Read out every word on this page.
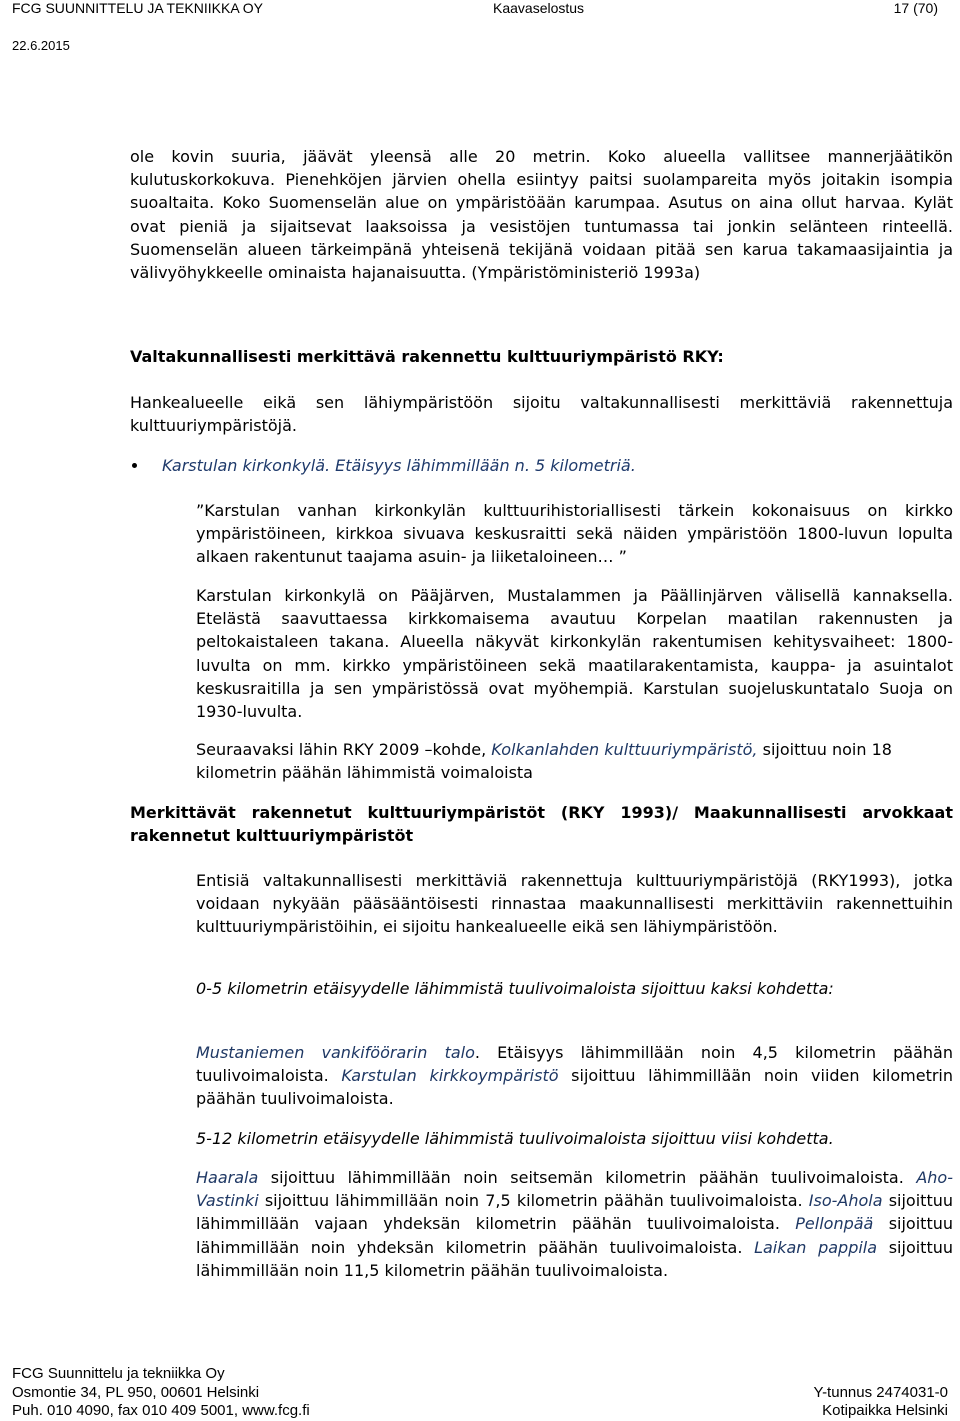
FCG SUUNNITTELU JA TEKNIIKKA OY	Kaavaselostus	17 (70)
22.6.2015

ole kovin suuria, jäävät yleensä alle 20 metrin. Koko alueella vallitsee mannerjäätikön kulutuskorkokuva. Pienehköjen järvien ohella esiintyy paitsi suolampareita myös joitakin isompia suoaltaita. Koko Suomenselän alue on ympäristöään karumpaa. Asutus on aina ollut harvaa. Kylät ovat pieniä ja sijaitsevat laaksoissa ja vesistöjen tuntumassa tai jonkin selänteen rinteellä. Suomenselän alueen tärkeimpänä yhteisenä tekijänä voidaan pitää sen karua takamaasijaintia ja välivyöhykkeelle ominaista hajanaisuutta. (Ympäristöministeriö 1993a)

Valtakunnallisesti merkittävä rakennettu kulttuuriympäristö RKY:

Hankealueelle eikä sen lähiympäristöön sijoitu valtakunnallisesti merkittäviä rakennettuja kulttuuriympäristöjä.

Karstulan kirkonkylä. Etäisyys lähimmillään n. 5 kilometriä.

”Karstulan vanhan kirkonkylän kulttuurihistoriallisesti tärkein kokonaisuus on kirkko ympäristöineen, kirkkoa sivuava keskusraitti sekä näiden ympäristöön 1800-luvun lopulta alkaen rakentunut taajama asuin- ja liiketaloineen… ”

Karstulan kirkonkylä on Pääjärven, Mustalammen ja Päällinjärven välisellä kannaksella. Etelästä saavuttaessa kirkkomaisema avautuu Korpelan maatilan rakennusten ja peltokaistaleen takana. Alueella näkyvät kirkonkylän rakentumisen kehitysvaiheet: 1800-luvulta on mm. kirkko ympäristöineen sekä maatilarakentamista, kauppa- ja asuintalot keskusraitilla ja sen ympäristössä ovat myöhempiä. Karstulan suojeluskuntatalo Suoja on 1930-luvulta.

Seuraavaksi lähin RKY 2009 –kohde, Kolkanlahden kulttuuriympäristö, sijoittuu noin 18 kilometrin päähän lähimmistä voimaloista

Merkittävät rakennetut kulttuuriympäristöt (RKY 1993)/ Maakunnallisesti arvokkaat rakennetut kulttuuriympäristöt

Entisiä valtakunnallisesti merkittäviä rakennettuja kulttuuriympäristöjä (RKY1993), jotka voidaan nykyään pääsääntöisesti rinnastaa maakunnallisesti merkittäviin rakennettuihin kulttuuriympäristöihin, ei sijoitu hankealueelle eikä sen lähiympäristöön.

0-5 kilometrin etäisyydelle lähimmistä tuulivoimaloista sijoittuu kaksi kohdetta:

Mustaniemen vankiföörarin talo. Etäisyys lähimmillään noin 4,5 kilometrin päähän tuulivoimaloista. Karstulan kirkkoympäristö sijoittuu lähimmillään noin viiden kilometrin päähän tuulivoimaloista.

5-12 kilometrin etäisyydelle lähimmistä tuulivoimaloista sijoittuu viisi kohdetta.

Haarala sijoittuu lähimmillään noin seitsemän kilometrin päähän tuulivoimaloista. Aho-Vastinki sijoittuu lähimmillään noin 7,5 kilometrin päähän tuulivoimaloista. Iso-Ahola sijoittuu lähimmillään vajaan yhdeksän kilometrin päähän tuulivoimaloista. Pellonpää sijoittuu lähimmillään noin yhdeksän kilometrin päähän tuulivoimaloista. Laikan pappila sijoittuu lähimmillään noin 11,5 kilometrin päähän tuulivoimaloista.

FCG Suunnittelu ja tekniikka Oy
Osmontie 34, PL 950, 00601 Helsinki
Puh. 010 4090, fax 010 409 5001, www.fcg.fi
Y-tunnus 2474031-0
Kotipaikka Helsinki
